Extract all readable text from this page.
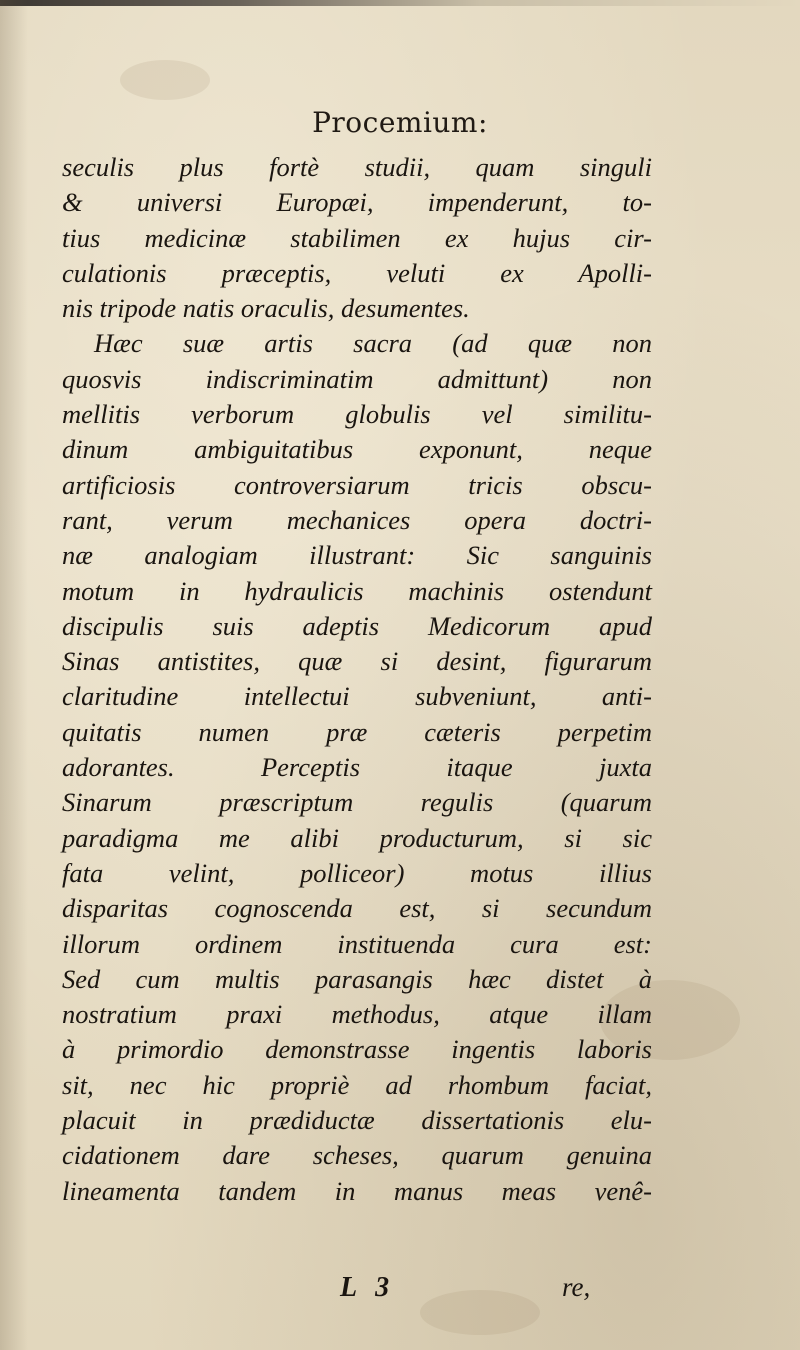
Procemium:
seculis plus fortè studii, quam singuli
& universi Europæi, impenderunt, to-
tius medicinæ stabilimen ex hujus cir-
culationis præceptis, veluti ex Apolli-
nis tripode natis oraculis, desumentes.
Hæc suæ artis sacra (ad quæ non
quosvis indiscriminatim admittunt) non
mellitis verborum globulis vel similitu-
dinum ambiguitatibus exponunt, neque
artificiosis controversiarum tricis obscu-
rant, verum mechanices opera doctri-
næ analogiam illustrant: Sic sanguinis
motum in hydraulicis machinis ostendunt
discipulis suis adeptis Medicorum apud
Sinas antistites, quæ si desint, figurarum
claritudine intellectui subveniunt, anti-
quitatis numen præ cæteris perpetim
adorantes. Perceptis itaque juxta
Sinarum præscriptum regulis (quarum
paradigma me alibi producturum, si sic
fata velint, polliceor) motus illius
disparitas cognoscenda est, si secundum
illorum ordinem instituenda cura est:
Sed cum multis parasangis hæc distet à
nostratium praxi methodus, atque illam
à primordio demonstrasse ingentis laboris
sit, nec hic propriè ad rhombum faciat,
placuit in prædiductæ dissertationis elu-
cidationem dare scheses, quarum genuina
lineamenta tandem in manus meas venê-
L 3	re,
